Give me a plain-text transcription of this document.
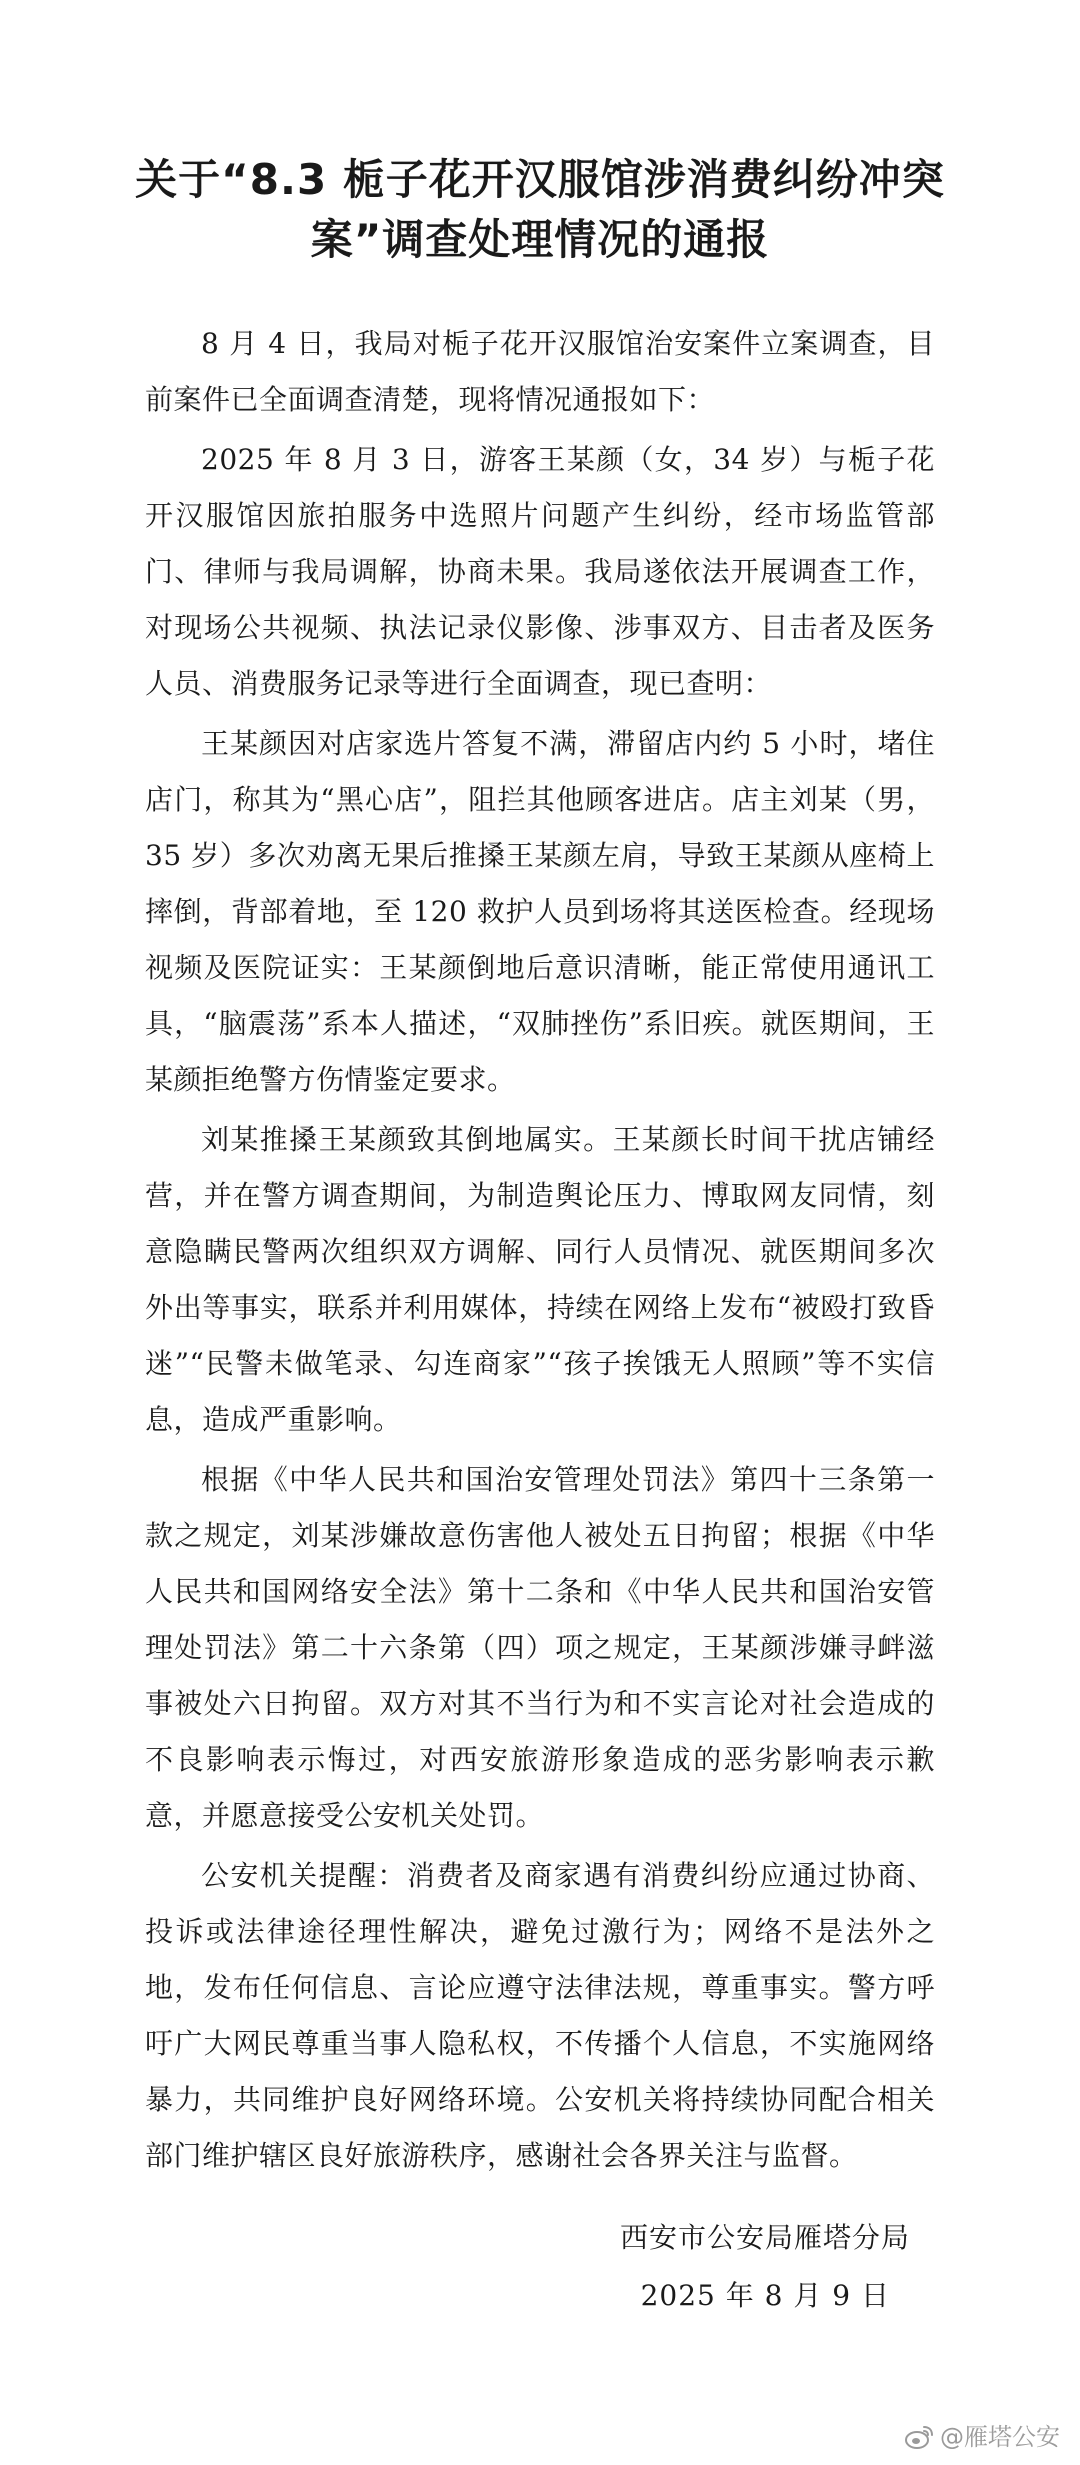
关于“8.3 栀子花开汉服馆涉消费纠纷冲突
案”调查处理情况的通报

8 月 4 日，我局对栀子花开汉服馆治安案件立案调查，目前案件已全面调查清楚，现将情况通报如下：

2025 年 8 月 3 日，游客王某颜（女，34 岁）与栀子花开汉服馆因旅拍服务中选照片问题产生纠纷，经市场监管部门、律师与我局调解，协商未果。我局遂依法开展调查工作，对现场公共视频、执法记录仪影像、涉事双方、目击者及医务人员、消费服务记录等进行全面调查，现已查明：

王某颜因对店家选片答复不满，滞留店内约 5 小时，堵住店门，称其为“黑心店”，阻拦其他顾客进店。店主刘某（男，35 岁）多次劝离无果后推搡王某颜左肩，导致王某颜从座椅上摔倒，背部着地，至 120 救护人员到场将其送医检查。经现场视频及医院证实：王某颜倒地后意识清晰，能正常使用通讯工具，“脑震荡”系本人描述，“双肺挫伤”系旧疾。就医期间，王某颜拒绝警方伤情鉴定要求。

刘某推搡王某颜致其倒地属实。王某颜长时间干扰店铺经营，并在警方调查期间，为制造舆论压力、博取网友同情，刻意隐瞒民警两次组织双方调解、同行人员情况、就医期间多次外出等事实，联系并利用媒体，持续在网络上发布“被殴打致昏迷”“民警未做笔录、勾连商家”“孩子挨饿无人照顾”等不实信息，造成严重影响。

根据《中华人民共和国治安管理处罚法》第四十三条第一款之规定，刘某涉嫌故意伤害他人被处五日拘留；根据《中华人民共和国网络安全法》第十二条和《中华人民共和国治安管理处罚法》第二十六条第（四）项之规定，王某颜涉嫌寻衅滋事被处六日拘留。双方对其不当行为和不实言论对社会造成的不良影响表示悔过，对西安旅游形象造成的恶劣影响表示歉意，并愿意接受公安机关处罚。

公安机关提醒：消费者及商家遇有消费纠纷应通过协商、投诉或法律途径理性解决，避免过激行为；网络不是法外之地，发布任何信息、言论应遵守法律法规，尊重事实。警方呼吁广大网民尊重当事人隐私权，不传播个人信息，不实施网络暴力，共同维护良好网络环境。公安机关将持续协同配合相关部门维护辖区良好旅游秩序，感谢社会各界关注与监督。

西安市公安局雁塔分局
2025 年 8 月 9 日
@雁塔公安
